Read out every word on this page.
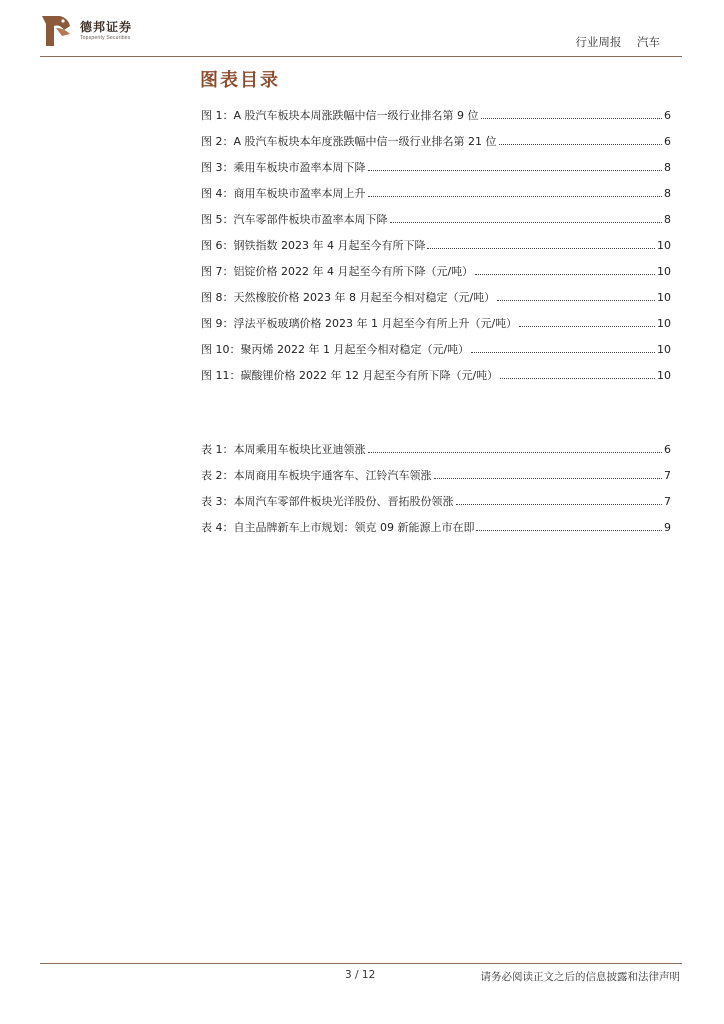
德邦证券
Topsperity Securities	行业周报 汽车
图表目录
图 1：A 股汽车板块本周涨跌幅中信一级行业排名第 9 位	6
图 2：A 股汽车板块本年度涨跌幅中信一级行业排名第 21 位	6
图 3：乘用车板块市盈率本周下降	8
图 4：商用车板块市盈率本周上升	8
图 5：汽车零部件板块市盈率本周下降	8
图 6：钢铁指数 2023 年 4 月起至今有所下降	10
图 7：铝锭价格 2022 年 4 月起至今有所下降（元/吨）	10
图 8：天然橡胶价格 2023 年 8 月起至今相对稳定（元/吨）	10
图 9：浮法平板玻璃价格 2023 年 1 月起至今有所上升（元/吨）	10
图 10：聚丙烯 2022 年 1 月起至今相对稳定（元/吨）	10
图 11：碳酸锂价格 2022 年 12 月起至今有所下降（元/吨）	10
表 1：本周乘用车板块比亚迪领涨	6
表 2：本周商用车板块宇通客车、江铃汽车领涨	7
表 3：本周汽车零部件板块光洋股份、晋拓股份领涨	7
表 4：自主品牌新车上市规划：领克 09 新能源上市在即	9
3 / 12	请务必阅读正文之后的信息披露和法律声明
